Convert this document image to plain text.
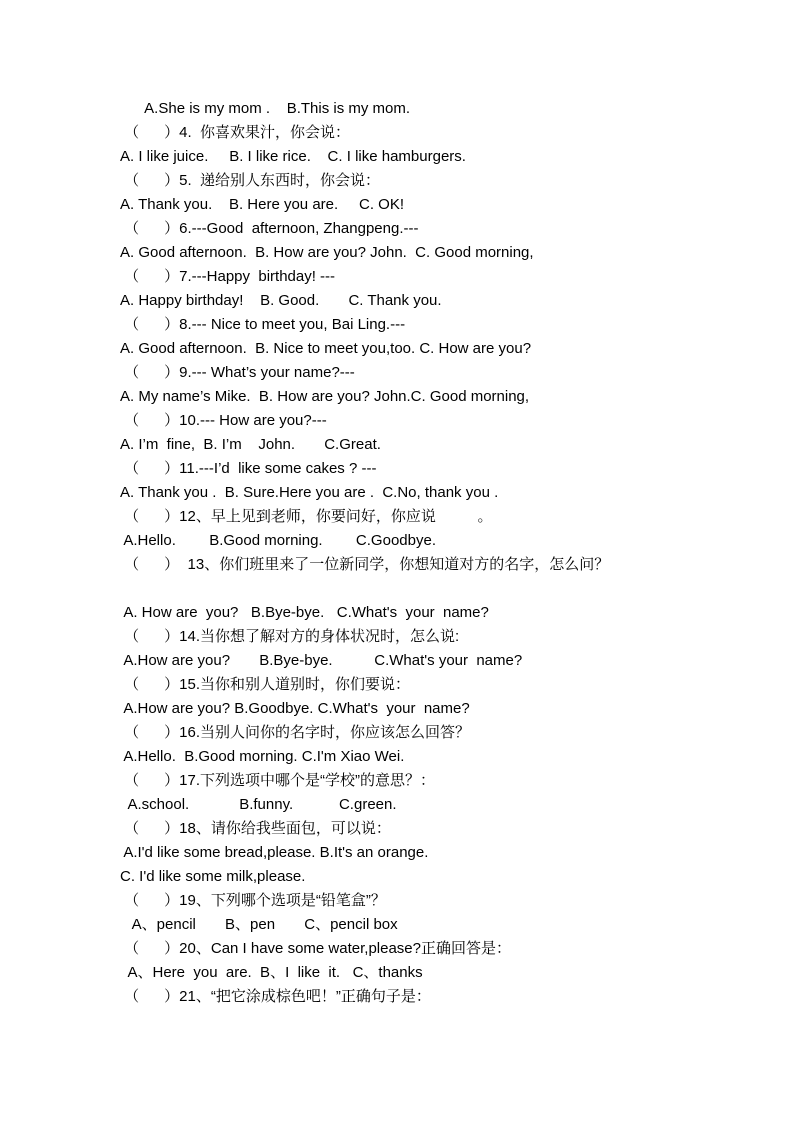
A.She is my mom .    B.This is my mom.
（      ）4.  你喜欢果汁，你会说：
A. I like juice.     B. I like rice.    C. I like hamburgers.
（      ）5.  递给别人东西时，你会说：
A. Thank you.    B. Here you are.     C. OK!
（      ）6.---Good  afternoon, Zhangpeng.---
A. Good afternoon.  B. How are you? John.  C. Good morning,
（      ）7.---Happy  birthday! ---
A. Happy birthday!    B. Good.       C. Thank you.
（      ）8.--- Nice to meet you, Bai Ling.---
A. Good afternoon.  B. Nice to meet you,too. C. How are you?
（      ）9.--- What’s your name?---
A. My name’s Mike.  B. How are you? John.C. Good morning,
（      ）10.--- How are you?---
A. I’m  fine,  B. I’m    John.       C.Great.
（      ）11.---I’d  like some cakes ? ---
A. Thank you .  B. Sure.Here you are .  C.No, thank you .
（      ）12、早上见到老师，你要问好，你应说          。
A.Hello.        B.Good morning.        C.Goodbye.
（      ）  13、你们班里来了一位新同学，你想知道对方的名字，怎么问？
A. How are  you?   B.Bye-bye.   C.What's  your  name?
（      ）14.当你想了解对方的身体状况时，怎么说:
A.How are you?       B.Bye-bye.          C.What's your  name?
（      ）15.当你和别人道别时，你们要说：
A.How are you? B.Goodbye. C.What's  your  name?
（      ）16.当别人问你的名字时，你应该怎么回答？
A.Hello.  B.Good morning. C.I'm Xiao Wei.
（      ）17.下列选项中哪个是“学校”的意思？：
A.school.            B.funny.           C.green.
（      ）18、请你给我些面包，可以说：
A.I'd like some bread,please. B.It's an orange.
C. I'd like some milk,please.
（      ）19、下列哪个选项是“铅笔盒”？
A、pencil       B、pen       C、pencil box
（      ）20、Can I have some water,please?正确回答是：
A、Here  you  are.  B、I  like  it.   C、thanks
（      ）21、“把它涂成棕色吧！”正确句子是：
